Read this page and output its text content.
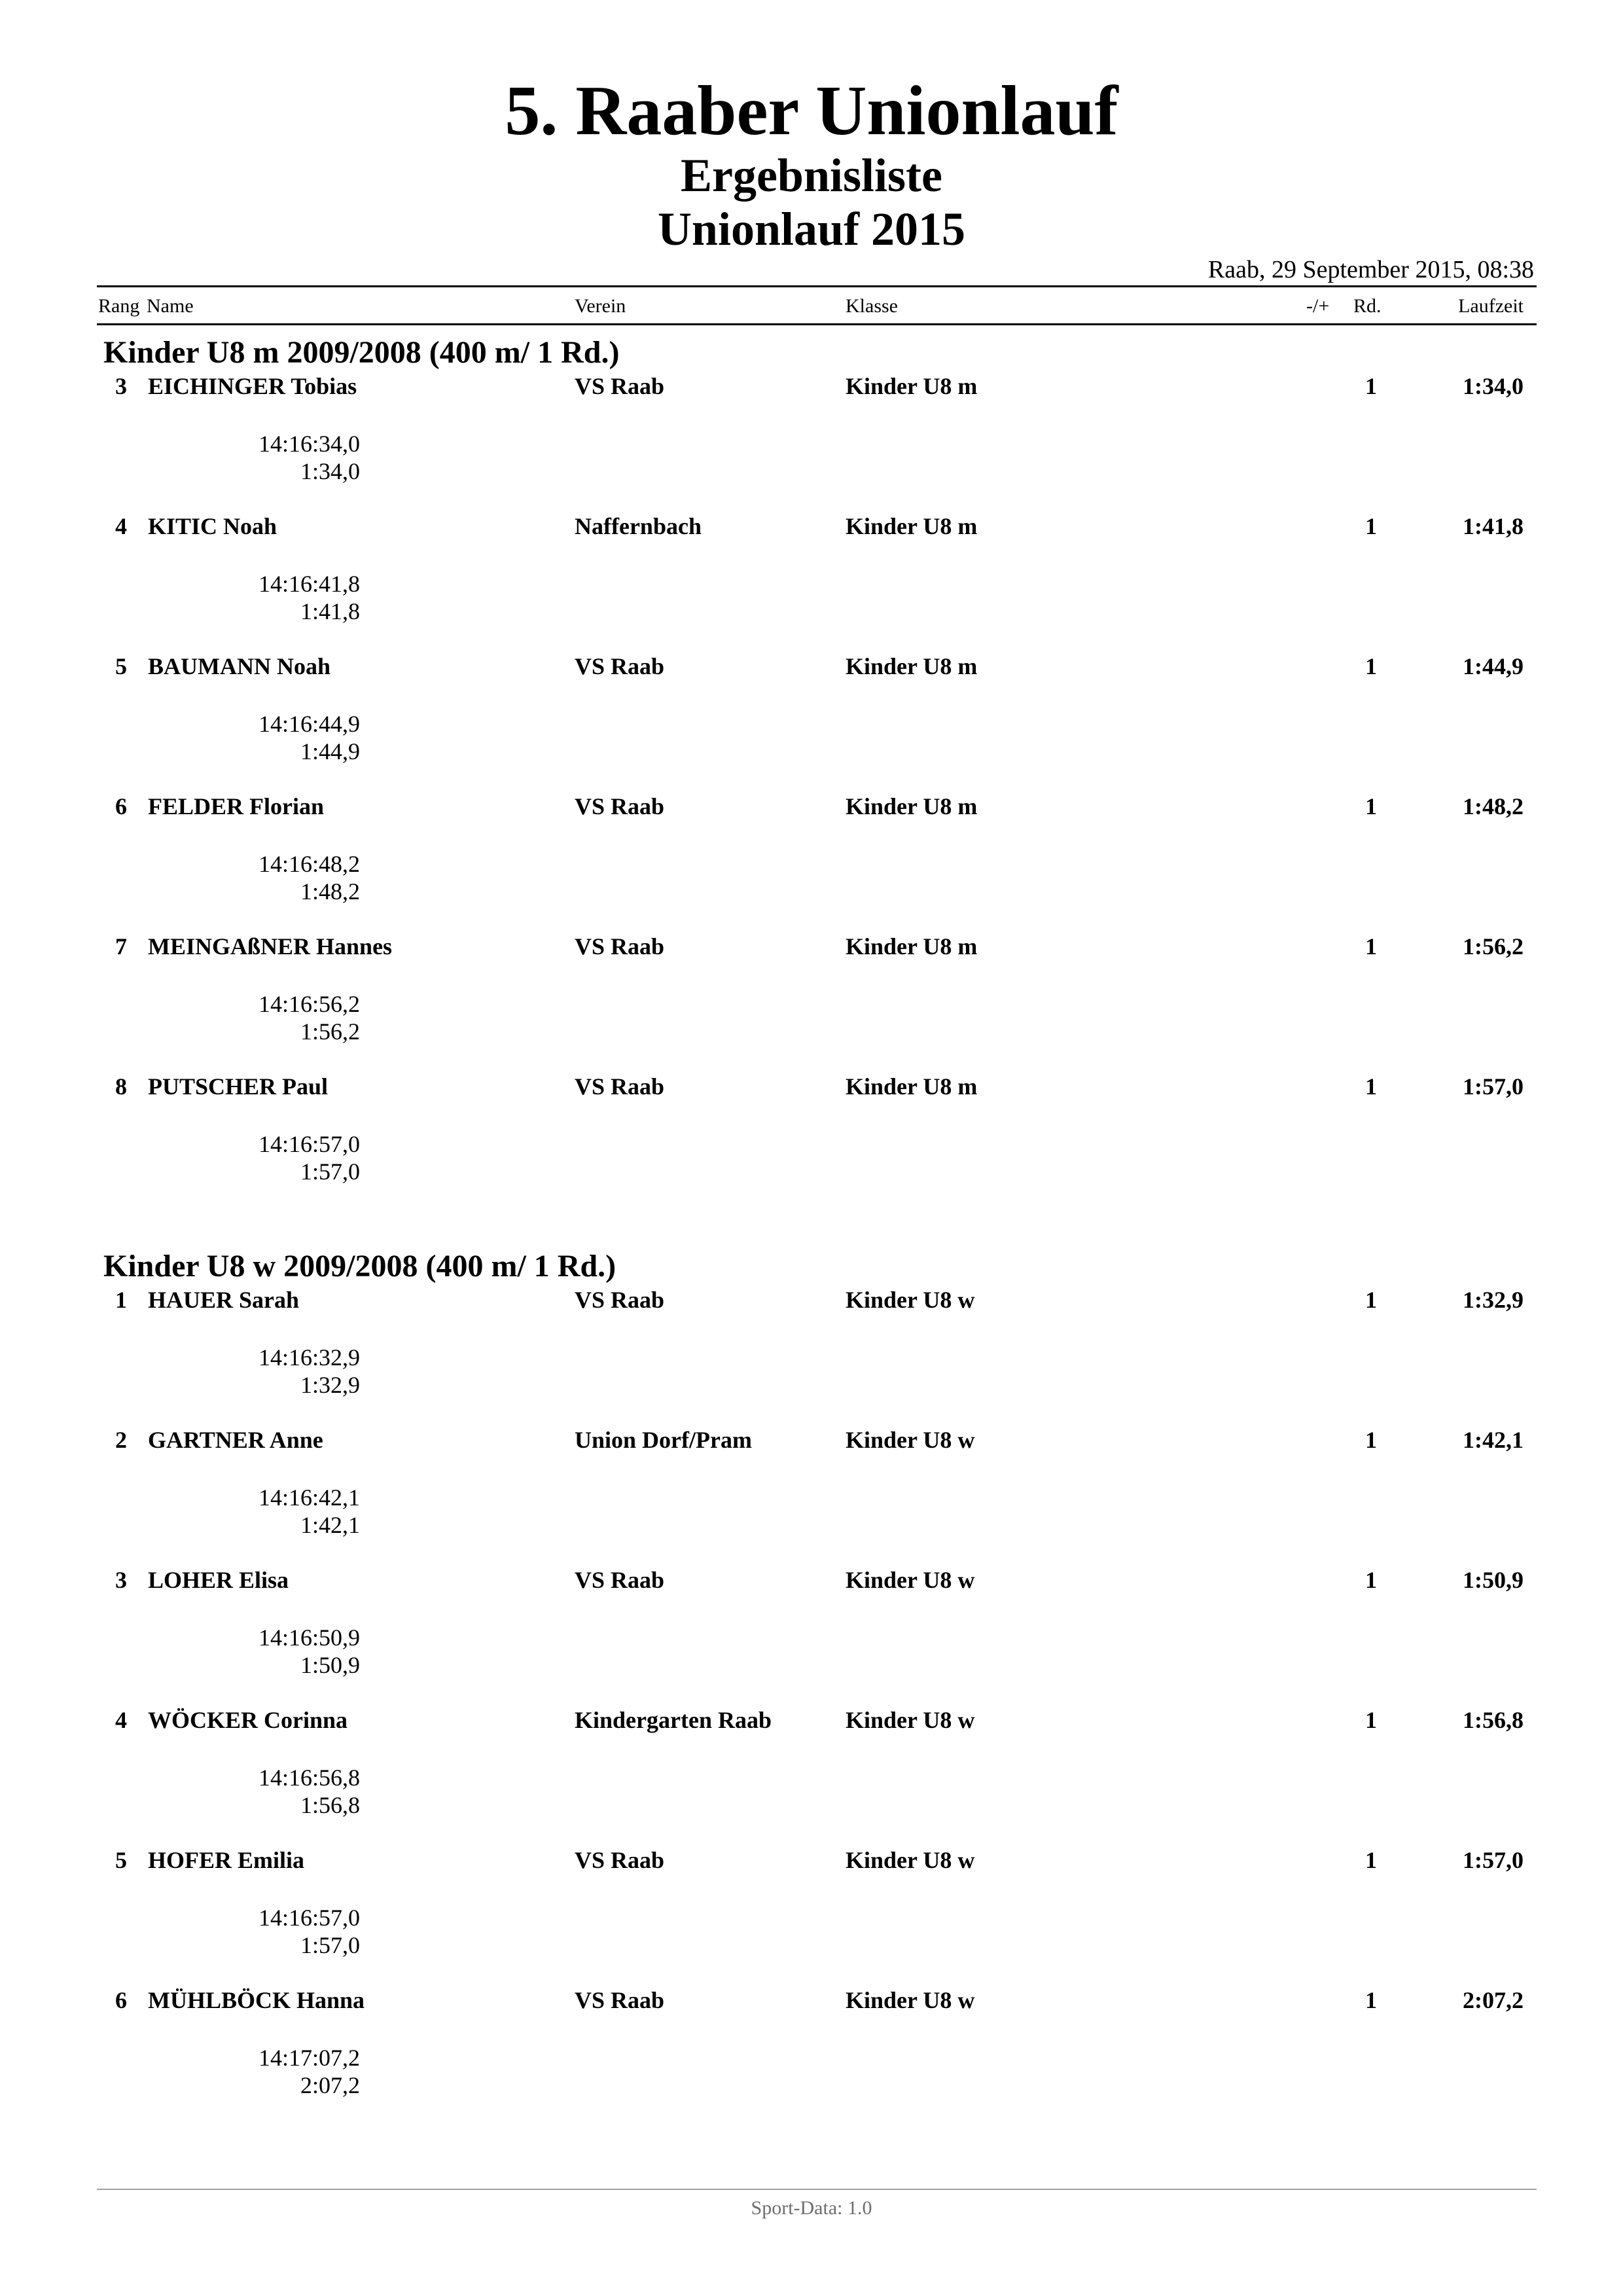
5. Raaber Unionlauf
Ergebnisliste
Unionlauf 2015
Raab, 29 September 2015, 08:38
Rang Name	Verein	Klasse	-/+ Rd.	Laufzeit
Kinder U8 m 2009/2008 (400 m/ 1 Rd.)
3 EICHINGER Tobias	VS Raab	Kinder U8 m	1	1:34,0
14:16:34,0
1:34,0
4 KITIC Noah	Naffernbach	Kinder U8 m	1	1:41,8
14:16:41,8
1:41,8
5 BAUMANN Noah	VS Raab	Kinder U8 m	1	1:44,9
14:16:44,9
1:44,9
6 FELDER Florian	VS Raab	Kinder U8 m	1	1:48,2
14:16:48,2
1:48,2
7 MEINGAßNER Hannes	VS Raab	Kinder U8 m	1	1:56,2
14:16:56,2
1:56,2
8 PUTSCHER Paul	VS Raab	Kinder U8 m	1	1:57,0
14:16:57,0
1:57,0
Kinder U8 w 2009/2008 (400 m/ 1 Rd.)
1 HAUER Sarah	VS Raab	Kinder U8 w	1	1:32,9
14:16:32,9
1:32,9
2 GARTNER Anne	Union Dorf/Pram	Kinder U8 w	1	1:42,1
14:16:42,1
1:42,1
3 LOHER Elisa	VS Raab	Kinder U8 w	1	1:50,9
14:16:50,9
1:50,9
4 WÖCKER Corinna	Kindergarten Raab	Kinder U8 w	1	1:56,8
14:16:56,8
1:56,8
5 HOFER Emilia	VS Raab	Kinder U8 w	1	1:57,0
14:16:57,0
1:57,0
6 MÜHLBÖCK Hanna	VS Raab	Kinder U8 w	1	2:07,2
14:17:07,2
2:07,2
Sport-Data: 1.0
